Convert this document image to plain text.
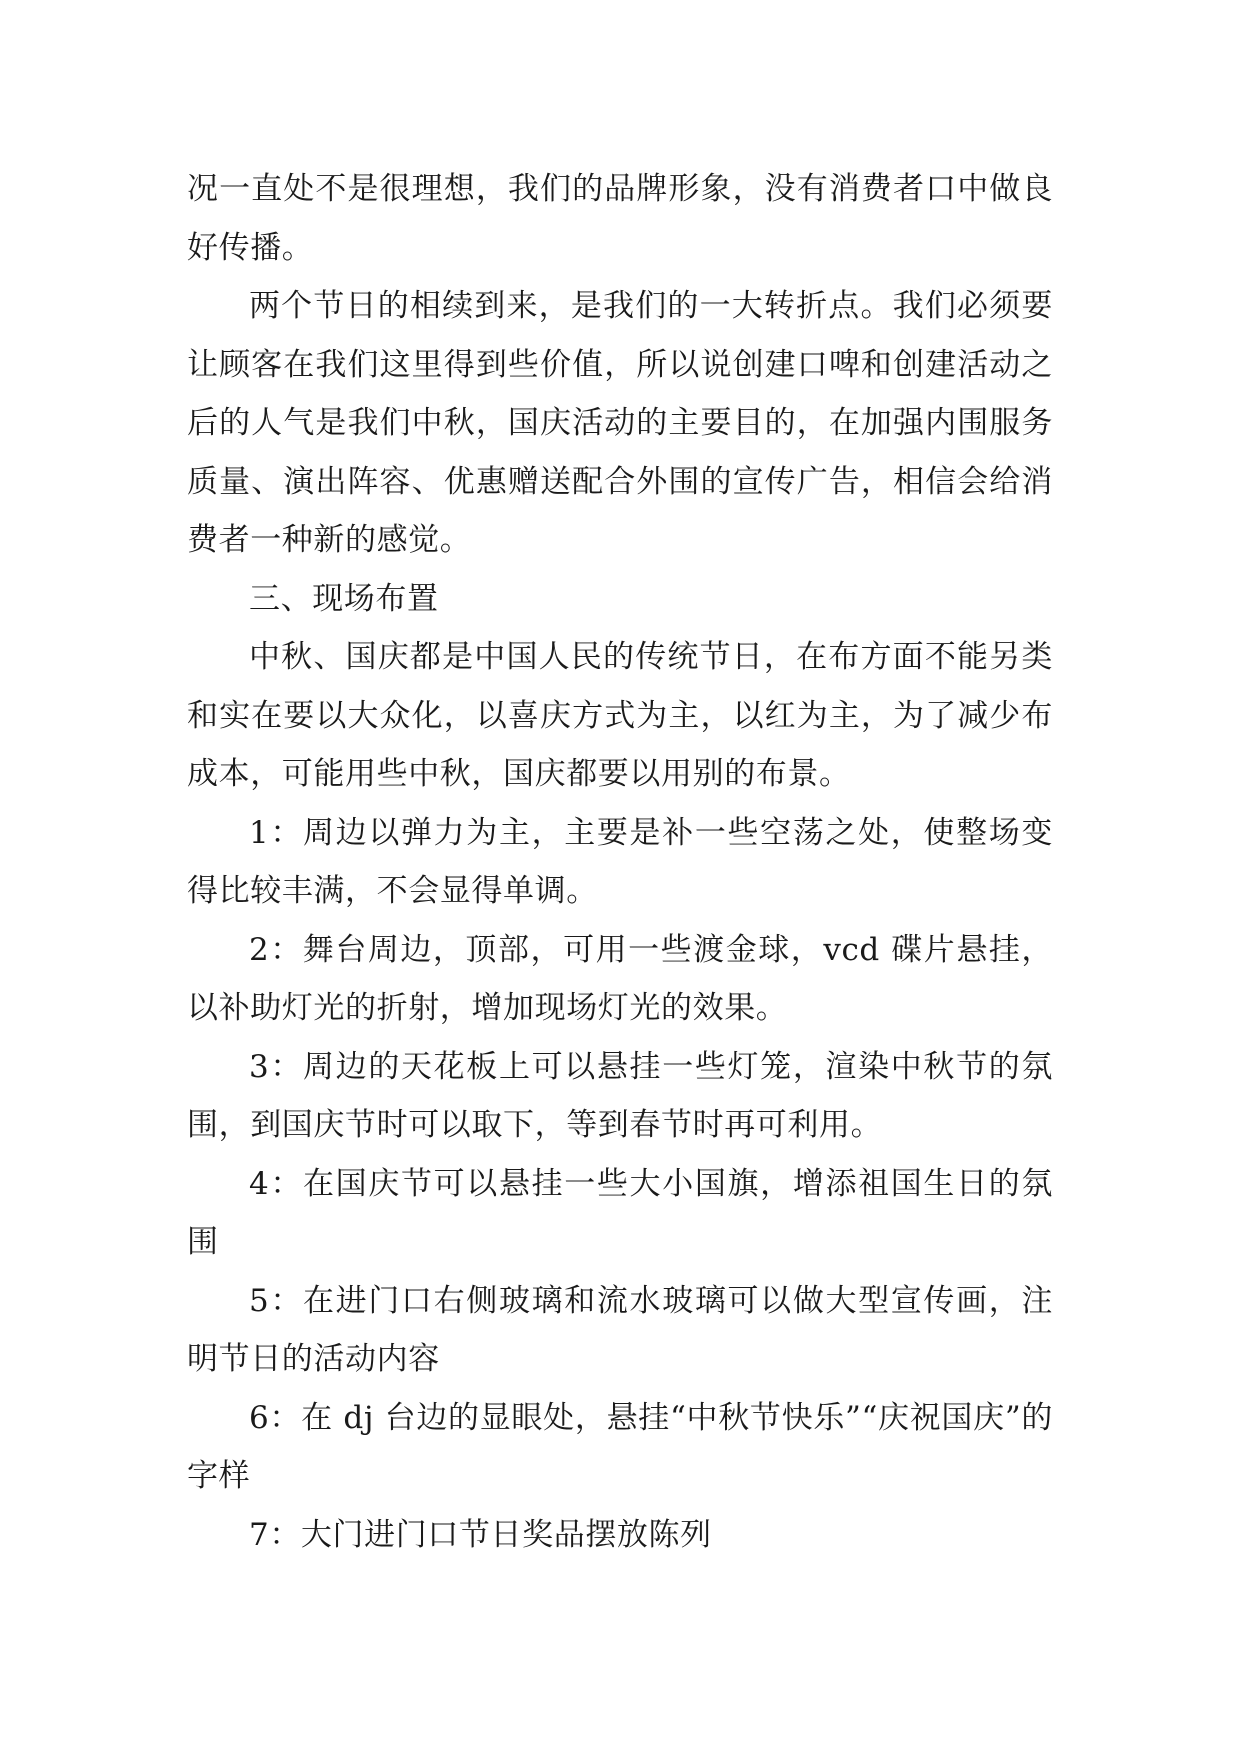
况一直处不是很理想，我们的品牌形象，没有消费者口中做良好传播。

两个节日的相续到来，是我们的一大转折点。我们必须要让顾客在我们这里得到些价值，所以说创建口啤和创建活动之后的人气是我们中秋，国庆活动的主要目的，在加强内围服务质量、演出阵容、优惠赠送配合外围的宣传广告，相信会给消费者一种新的感觉。

三、现场布置

中秋、国庆都是中国人民的传统节日，在布方面不能另类和实在要以大众化，以喜庆方式为主，以红为主，为了减少布成本，可能用些中秋，国庆都要以用别的布景。

1：周边以弹力为主，主要是补一些空荡之处，使整场变得比较丰满，不会显得单调。

2：舞台周边，顶部，可用一些渡金球，vcd 碟片悬挂，以补助灯光的折射，增加现场灯光的效果。

3：周边的天花板上可以悬挂一些灯笼，渲染中秋节的氛围，到国庆节时可以取下，等到春节时再可利用。

4：在国庆节可以悬挂一些大小国旗，增添祖国生日的氛围

5：在进门口右侧玻璃和流水玻璃可以做大型宣传画，注明节日的活动内容

6：在 dj 台边的显眼处，悬挂“中秋节快乐”“庆祝国庆”的字样

7：大门进门口节日奖品摆放陈列
